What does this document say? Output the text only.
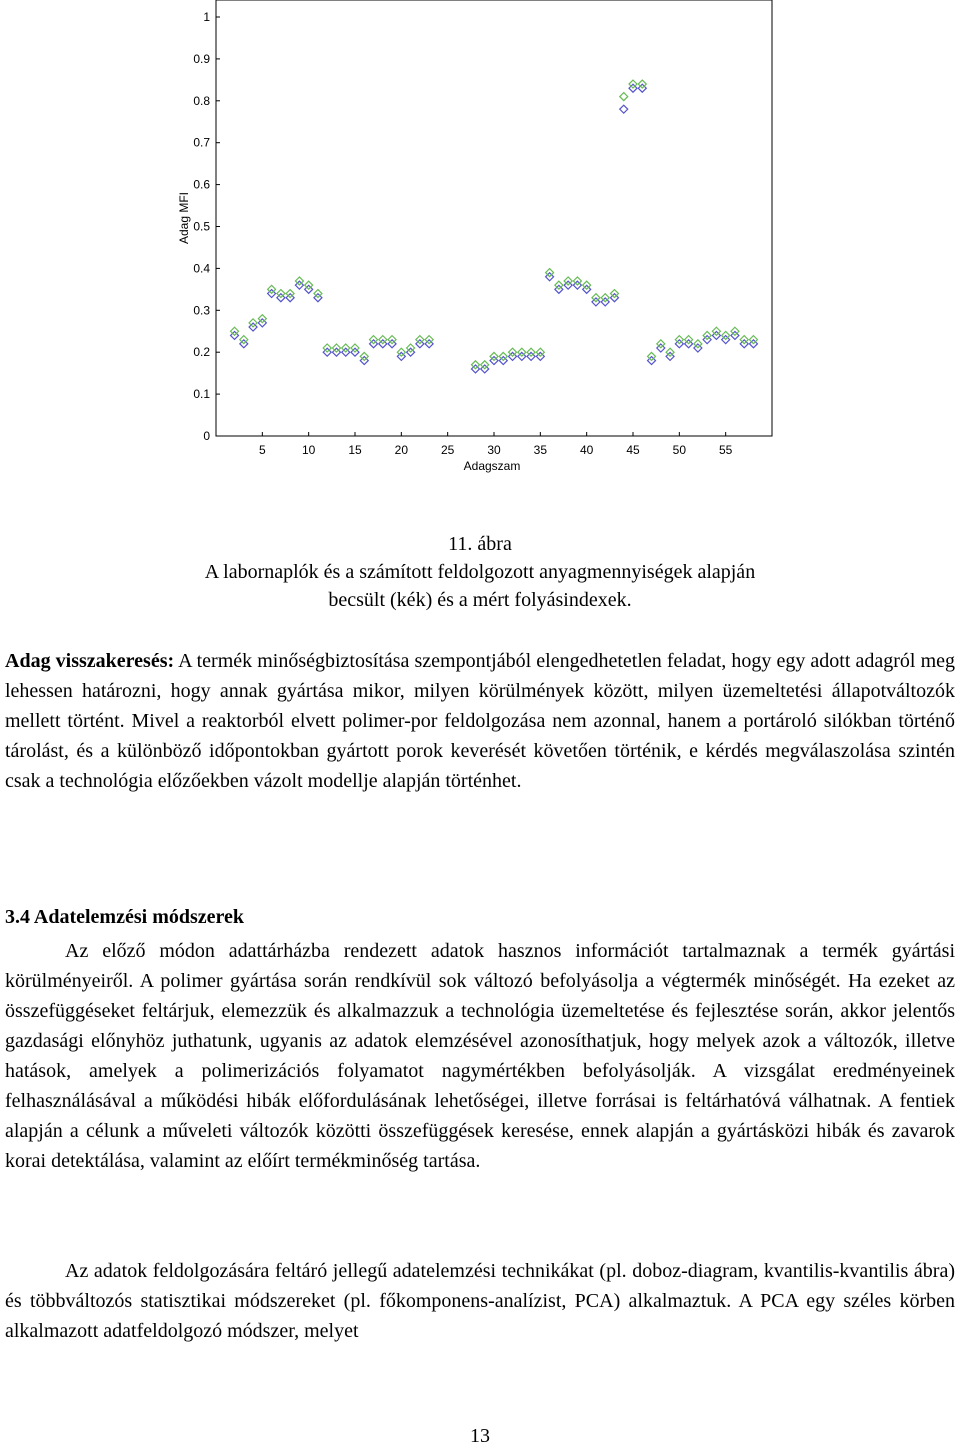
0
0.1
0.2
0.3
0.4
0.5
0.6
0.7
0.8
0.9
1
5	10	15	20	25	30	35	40	45	50	55
Adagszam
Adag MFI
11. ábra
A labornaplók és a számított feldolgozott anyagmennyiségek alapján
becsült (kék) és a mért folyásindexek.
Adag visszakeresés: A termék minőségbiztosítása szempontjából elengedhetetlen feladat, hogy egy adott adagról meg lehessen határozni, hogy annak gyártása mikor, milyen körülmények között, milyen üzemeltetési állapotváltozók mellett történt. Mivel a reaktorból elvett polimer-por feldolgozása nem azonnal, hanem a portároló silókban történő tárolást, és a különböző időpontokban gyártott porok keverését követően történik, e kérdés megválaszolása szintén csak a technológia előzőekben vázolt modellje alapján történhet.
3.4 Adatelemzési módszerek
Az előző módon adattárházba rendezett adatok hasznos információt tartalmaznak a termék gyártási körülményeiről. A polimer gyártása során rendkívül sok változó befolyásolja a végtermék minőségét. Ha ezeket az összefüggéseket feltárjuk, elemezzük és alkalmazzuk a technológia üzemeltetése és fejlesztése során, akkor jelentős gazdasági előnyhöz juthatunk, ugyanis az adatok elemzésével azonosíthatjuk, hogy melyek azok a változók, illetve hatások, amelyek a polimerizációs folyamatot nagymértékben befolyásolják. A vizsgálat eredményeinek felhasználásával a működési hibák előfordulásának lehetőségei, illetve forrásai is feltárhatóvá válhatnak. A fentiek alapján a célunk a műveleti változók közötti összefüggések keresése, ennek alapján a gyártásközi hibák és zavarok korai detektálása, valamint az előírt termékminőség tartása.
Az adatok feldolgozására feltáró jellegű adatelemzési technikákat (pl. doboz-diagram, kvantilis-kvantilis ábra) és többváltozós statisztikai módszereket (pl. főkomponens-analízist, PCA) alkalmaztuk. A PCA egy széles körben alkalmazott adatfeldolgozó módszer, melyet
13
